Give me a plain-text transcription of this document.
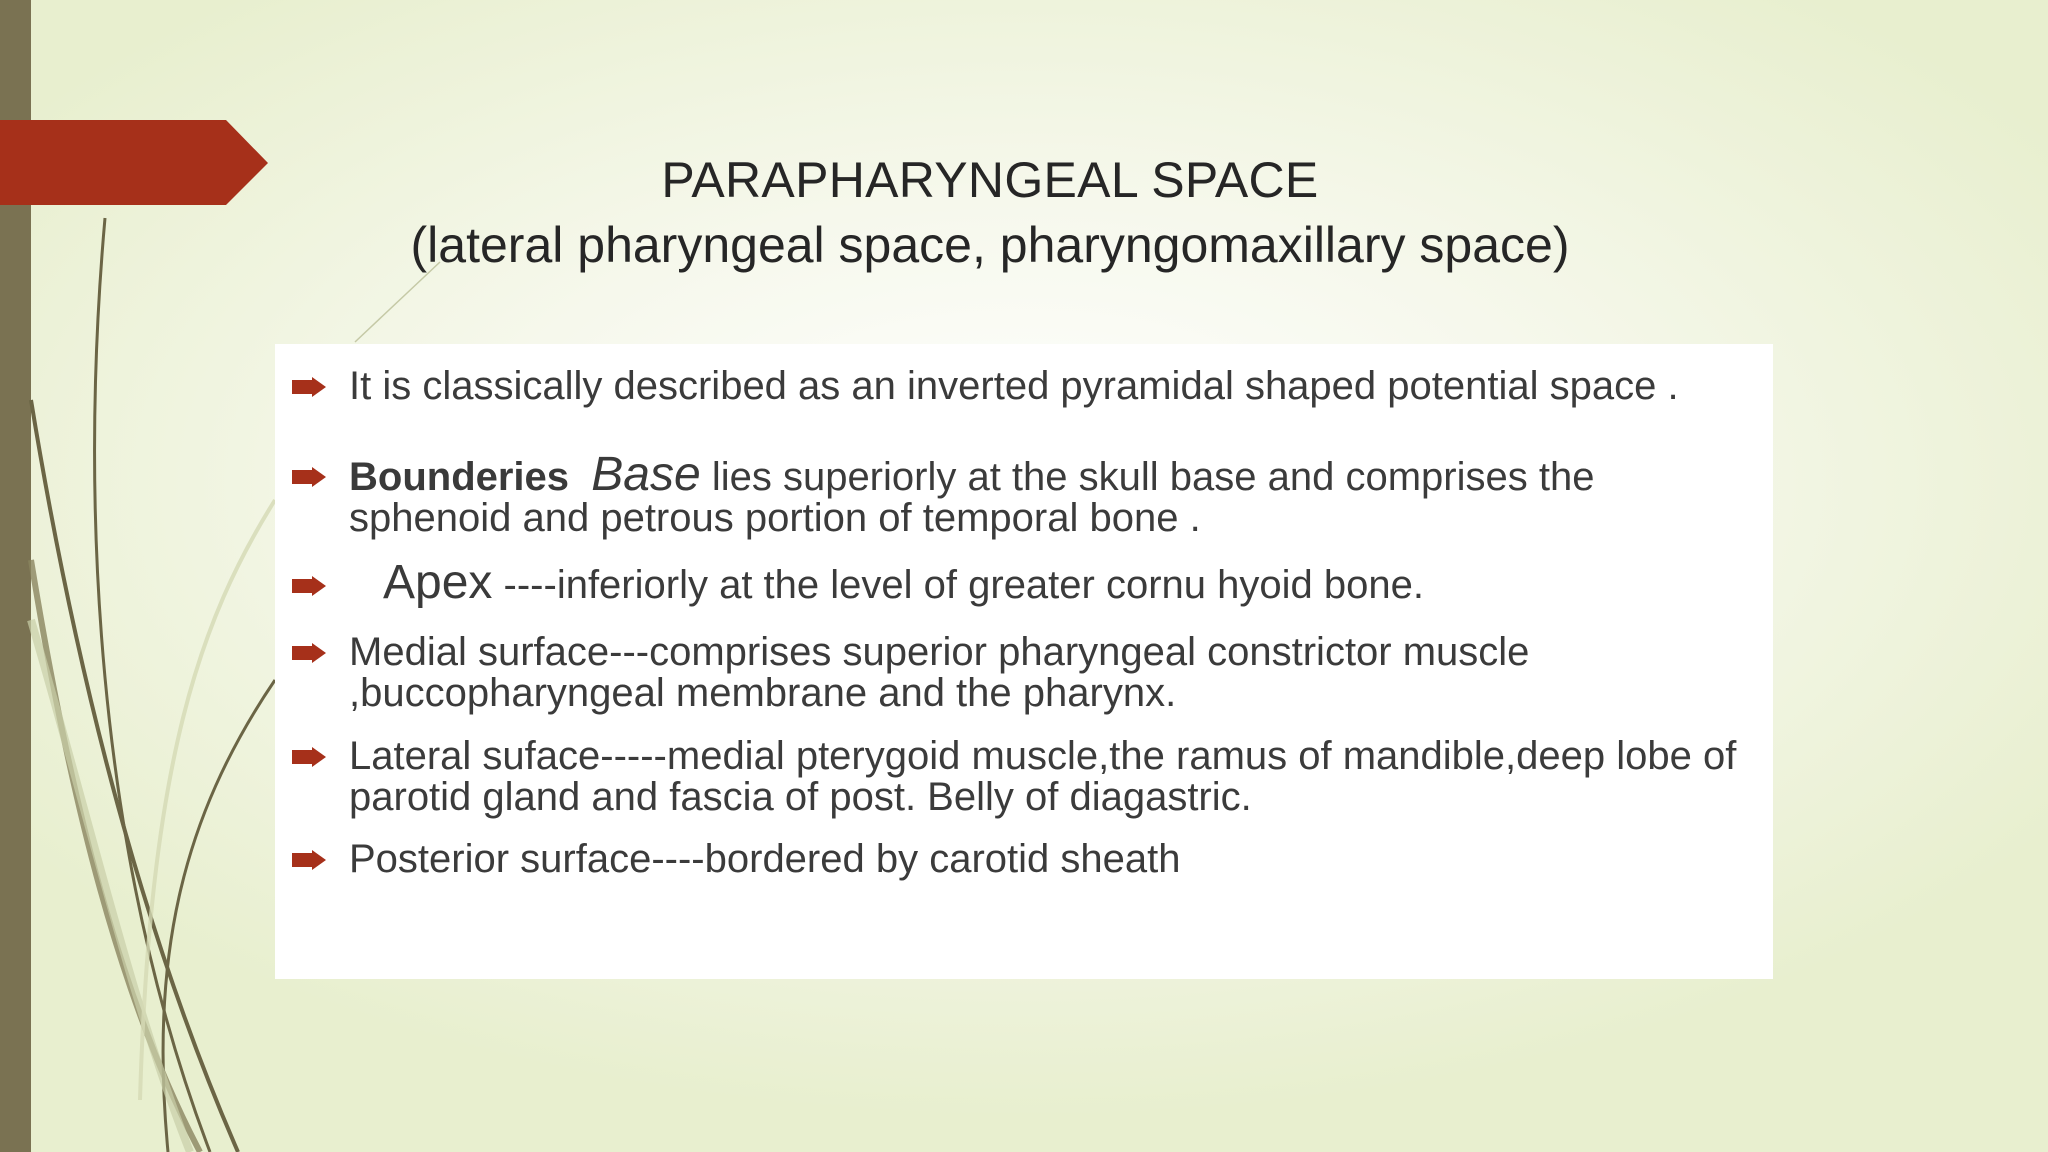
PARAPHARYNGEAL SPACE
(lateral pharyngeal space, pharyngomaxillary space)
It is classically described as an inverted pyramidal shaped potential space .
Bounderies Base lies superiorly at the skull base and comprises the sphenoid and petrous portion of temporal bone .
Apex ----inferiorly at the level of greater cornu hyoid bone.
Medial surface---comprises superior pharyngeal constrictor muscle ,buccopharyngeal membrane and the pharynx.
Lateral suface-----medial pterygoid muscle,the ramus of mandible,deep lobe of parotid gland and fascia of post. Belly of diagastric.
Posterior surface----bordered by carotid sheath
